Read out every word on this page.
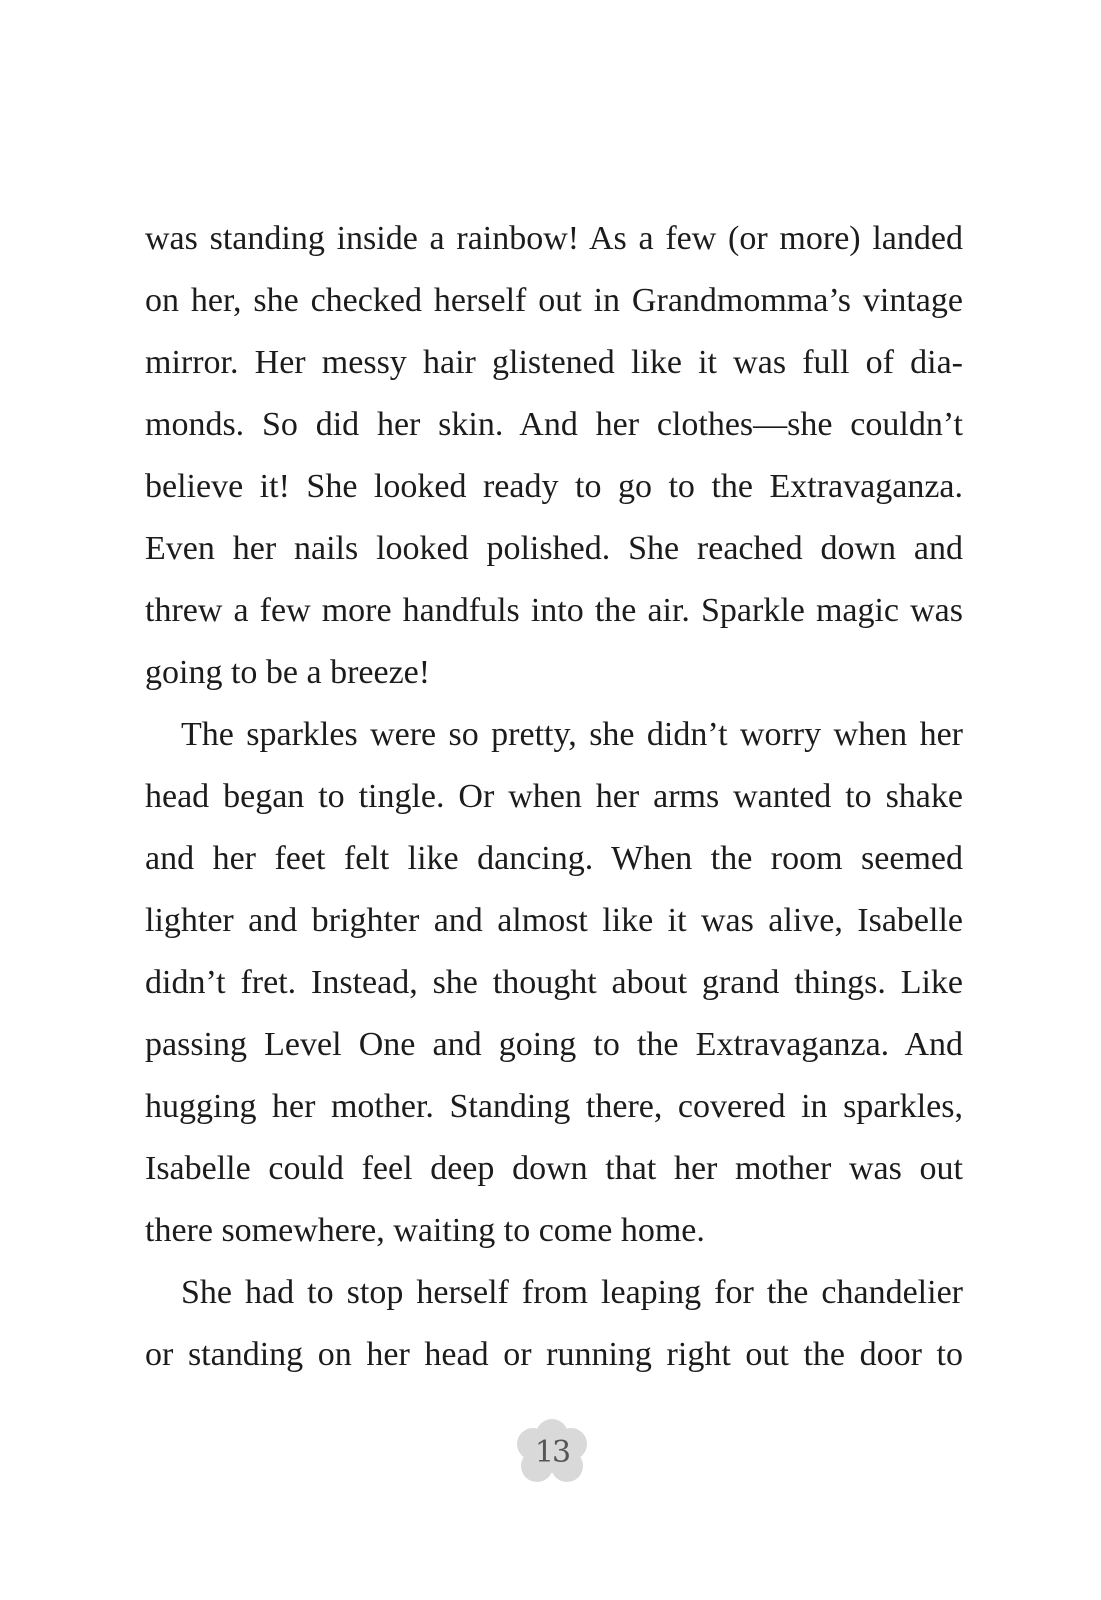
was standing inside a rainbow! As a few (or more) landed
on her, she checked herself out in Grandmomma’s vintage
mirror. Her messy hair glistened like it was full of dia-
monds. So did her skin. And her clothes—she couldn’t
believe it! She looked ready to go to the Extravaganza.
Even her nails looked polished. She reached down and
threw a few more handfuls into the air. Sparkle magic was
going to be a breeze!
The sparkles were so pretty, she didn’t worry when her
head began to tingle. Or when her arms wanted to shake
and her feet felt like dancing. When the room seemed
lighter and brighter and almost like it was alive, Isabelle
didn’t fret. Instead, she thought about grand things. Like
passing Level One and going to the Extravaganza. And
hugging her mother. Standing there, covered in sparkles,
Isabelle could feel deep down that her mother was out
there somewhere, waiting to come home.
She had to stop herself from leaping for the chandelier
or standing on her head or running right out the door to
13
